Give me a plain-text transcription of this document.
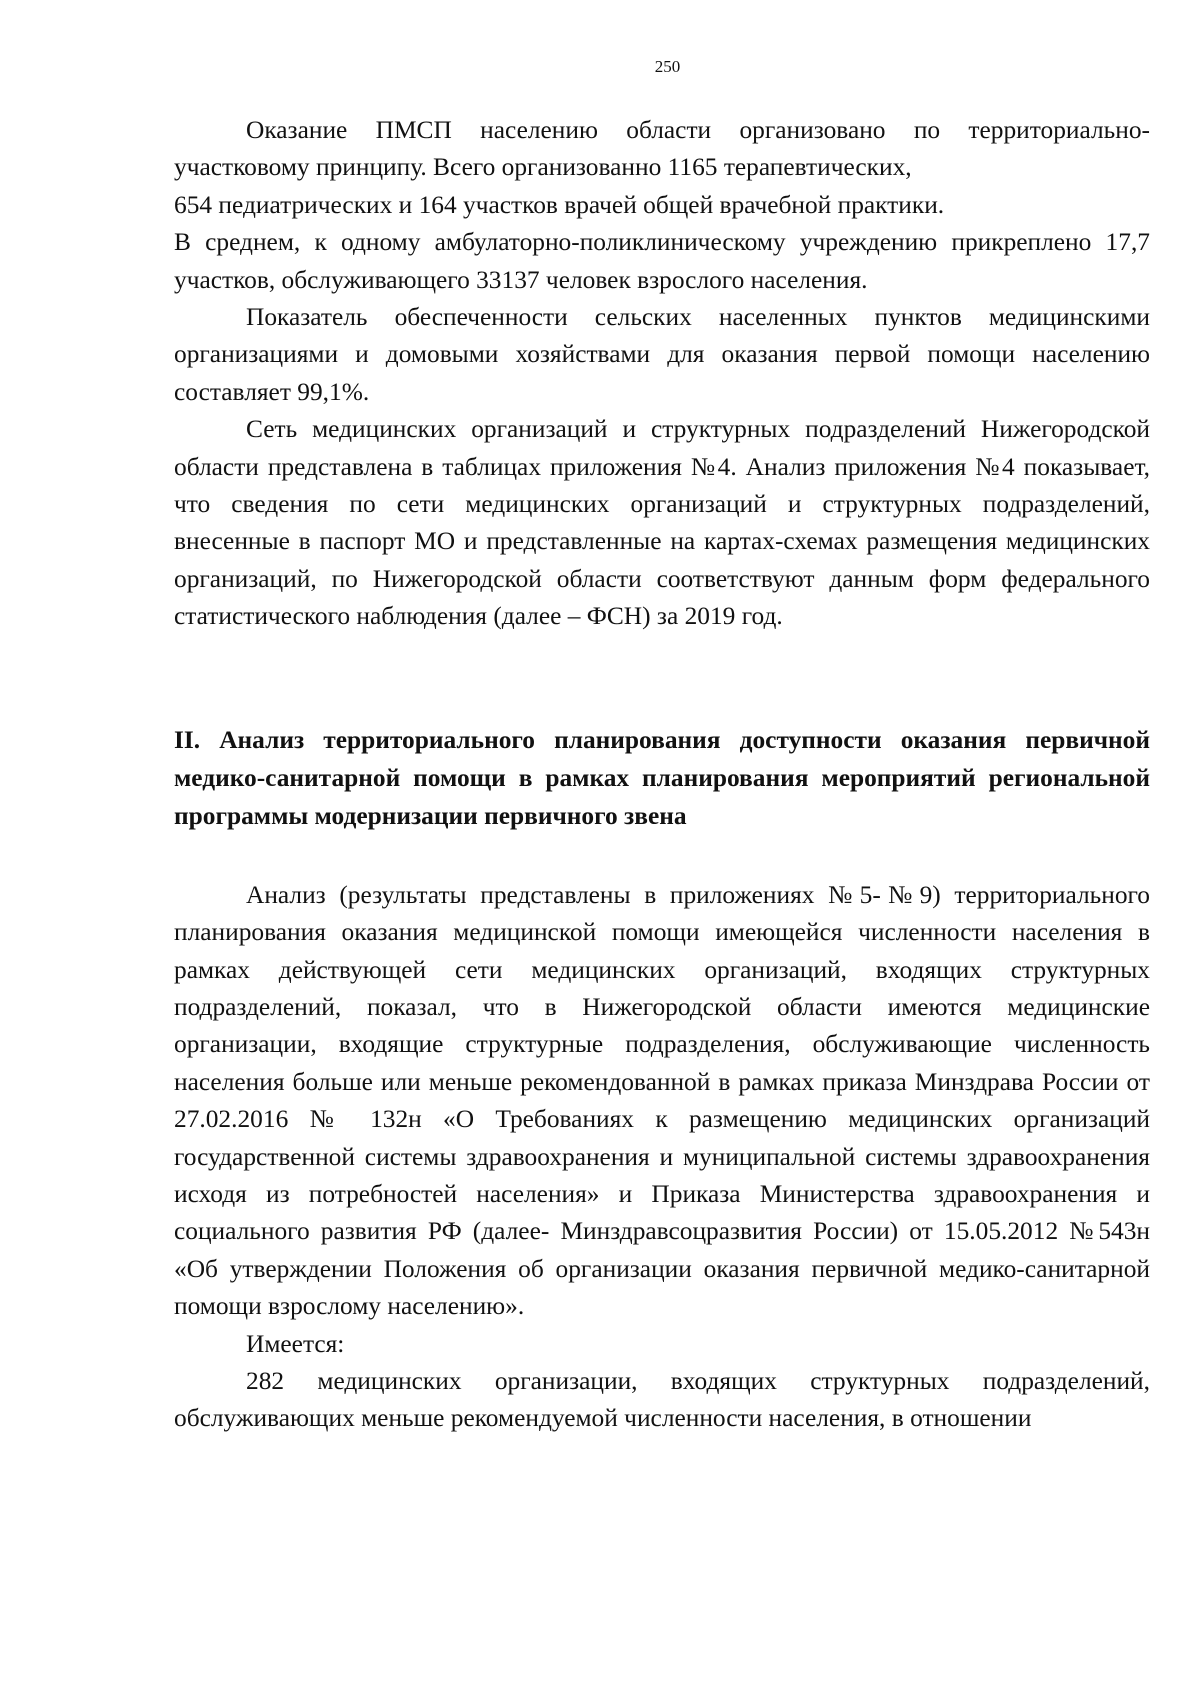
250

Оказание ПМСП населению области организовано по территориально-участковому принципу. Всего организованно 1165 терапевтических,

654 педиатрических и 164 участков врачей общей врачебной практики.

В среднем, к одному амбулаторно-поликлиническому учреждению прикреплено 17,7 участков, обслуживающего 33137 человек взрослого населения.

Показатель обеспеченности сельских населенных пунктов медицинскими организациями и домовыми хозяйствами для оказания первой помощи населению составляет 99,1%.

Сеть медицинских организаций и структурных подразделений Нижегородской области представлена в таблицах приложения №4. Анализ приложения №4 показывает, что сведения по сети медицинских организаций и структурных подразделений, внесенные в паспорт МО и представленные на картах-схемах размещения медицинских организаций, по Нижегородской области соответствуют данным форм федерального статистического наблюдения (далее – ФСН) за 2019 год.

II. Анализ территориального планирования доступности оказания первичной медико-санитарной помощи в рамках планирования мероприятий региональной программы модернизации первичного звена

Анализ (результаты представлены в приложениях №5-№9) территориального планирования оказания медицинской помощи имеющейся численности населения в рамках действующей сети медицинских организаций, входящих структурных подразделений, показал, что в Нижегородской области имеются медицинские организации, входящие структурные подразделения, обслуживающие численность населения больше или меньше рекомендованной в рамках приказа Минздрава России от 27.02.2016 № 132н «О Требованиях к размещению медицинских организаций государственной системы здравоохранения и муниципальной системы здравоохранения исходя из потребностей населения» и Приказа Министерства здравоохранения и социального развития РФ (далее- Минздравсоцразвития России) от 15.05.2012 №543н «Об утверждении Положения об организации оказания первичной медико-санитарной помощи взрослому населению».

Имеется:

282 медицинских организации, входящих структурных подразделений, обслуживающих меньше рекомендуемой численности населения, в отношении
